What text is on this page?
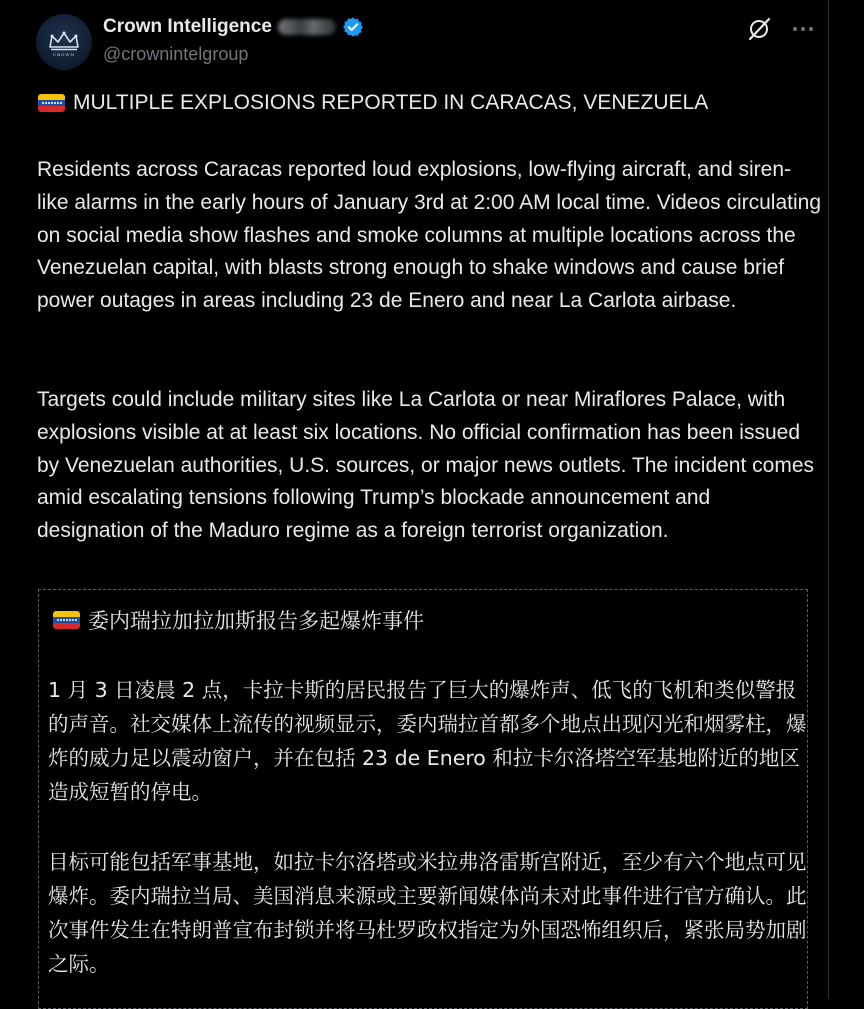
CROWN
Crown Intelligence
@crownintelgroup
MULTIPLE EXPLOSIONS REPORTED IN CARACAS, VENEZUELA
Residents across Caracas reported loud explosions, low-flying aircraft, and siren-like alarms in the early hours of January 3rd at 2:00 AM local time. Videos circulating on social media show flashes and smoke columns at multiple locations across the Venezuelan capital, with blasts strong enough to shake windows and cause brief power outages in areas including 23 de Enero and near La Carlota airbase.
Targets could include military sites like La Carlota or near Miraflores Palace, with explosions visible at at least six locations. No official confirmation has been issued by Venezuelan authorities, U.S. sources, or major news outlets. The incident comes amid escalating tensions following Trump’s blockade announcement and designation of the Maduro regime as a foreign terrorist organization.
委内瑞拉加拉加斯报告多起爆炸事件
1 月 3 日凌晨 2 点，卡拉卡斯的居民报告了巨大的爆炸声、低飞的飞机和类似警报的声音。社交媒体上流传的视频显示，委内瑞拉首都多个地点出现闪光和烟雾柱，爆炸的威力足以震动窗户，并在包括 23 de Enero 和拉卡尔洛塔空军基地附近的地区造成短暂的停电。
目标可能包括军事基地，如拉卡尔洛塔或米拉弗洛雷斯宫附近，至少有六个地点可见爆炸。委内瑞拉当局、美国消息来源或主要新闻媒体尚未对此事件进行官方确认。此次事件发生在特朗普宣布封锁并将马杜罗政权指定为外国恐怖组织后，紧张局势加剧之际。
